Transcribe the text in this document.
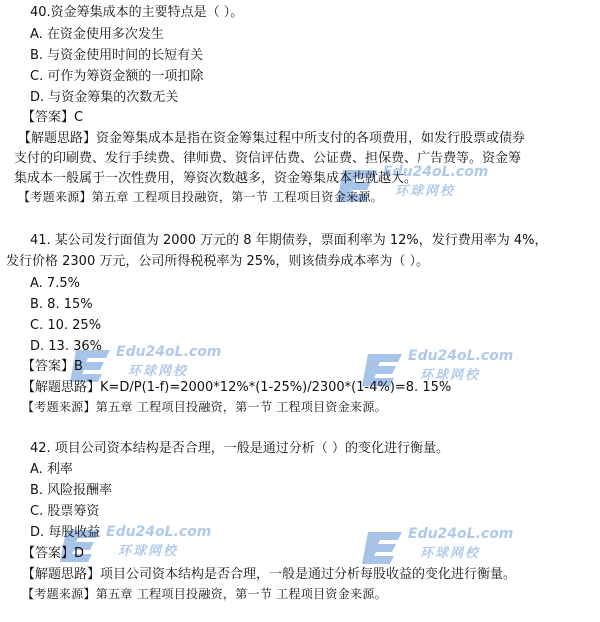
Edu24oL.com
环球网校
Edu24oL.com
环球网校
Edu24oL.com
环球网校
Edu24oL.com
环球网校
Edu24oL.com
环球网校
40.资金筹集成本的主要特点是（ ）。
A. 在资金使用多次发生
B. 与资金使用时间的长短有关
C. 可作为筹资金额的一项扣除
D. 与资金筹集的次数无关
【答案】C
【解题思路】资金筹集成本是指在资金筹集过程中所支付的各项费用，如发行股票或债券
支付的印刷费、发行手续费、律师费、资信评估费、公证费、担保费、广告费等。资金筹
集成本一般属于一次性费用，筹资次数越多，资金筹集成本也就越大。
【考题来源】第五章 工程项目投融资，第一节 工程项目资金来源。
41. 某公司发行面值为 2000 万元的 8 年期债券，票面利率为 12%，发行费用率为 4%，
发行价格 2300 万元，公司所得税税率为 25%，则该债券成本率为（ ）。
A. 7.5%
B. 8. 15%
C. 10. 25%
D. 13. 36%
【答案】B
【解题思路】K=D/P(1-f)=2000*12%*(1-25%)/2300*(1-4%)=8. 15%
【考题来源】第五章 工程项目投融资，第一节 工程项目资金来源。
42. 项目公司资本结构是否合理，一般是通过分析（ ）的变化进行衡量。
A. 利率
B. 风险报酬率
C. 股票筹资
D. 每股收益
【答案】D
【解题思路】项目公司资本结构是否合理，一般是通过分析每股收益的变化进行衡量。
【考题来源】第五章 工程项目投融资，第一节 工程项目资金来源。
